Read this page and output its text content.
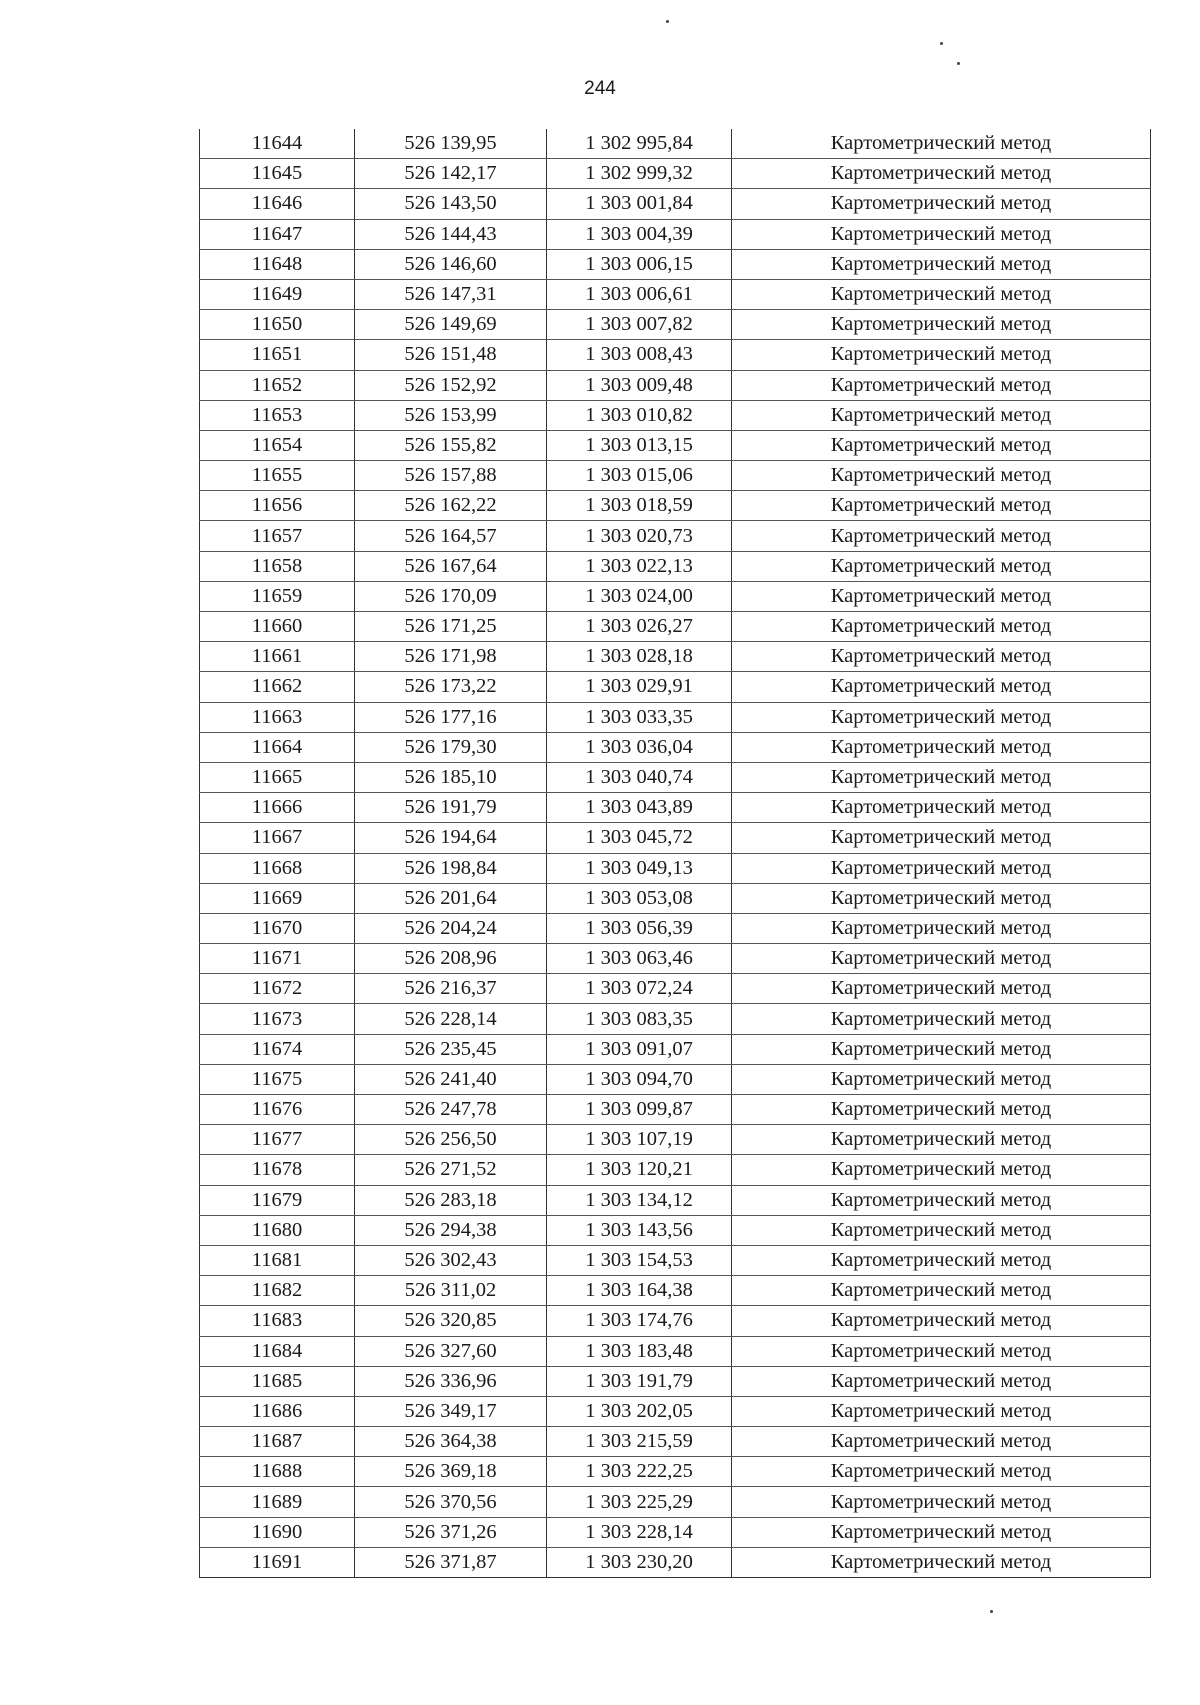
244
11644	526 139,95	1 302 995,84	Картометрический метод
11645	526 142,17	1 302 999,32	Картометрический метод
11646	526 143,50	1 303 001,84	Картометрический метод
11647	526 144,43	1 303 004,39	Картометрический метод
11648	526 146,60	1 303 006,15	Картометрический метод
11649	526 147,31	1 303 006,61	Картометрический метод
11650	526 149,69	1 303 007,82	Картометрический метод
11651	526 151,48	1 303 008,43	Картометрический метод
11652	526 152,92	1 303 009,48	Картометрический метод
11653	526 153,99	1 303 010,82	Картометрический метод
11654	526 155,82	1 303 013,15	Картометрический метод
11655	526 157,88	1 303 015,06	Картометрический метод
11656	526 162,22	1 303 018,59	Картометрический метод
11657	526 164,57	1 303 020,73	Картометрический метод
11658	526 167,64	1 303 022,13	Картометрический метод
11659	526 170,09	1 303 024,00	Картометрический метод
11660	526 171,25	1 303 026,27	Картометрический метод
11661	526 171,98	1 303 028,18	Картометрический метод
11662	526 173,22	1 303 029,91	Картометрический метод
11663	526 177,16	1 303 033,35	Картометрический метод
11664	526 179,30	1 303 036,04	Картометрический метод
11665	526 185,10	1 303 040,74	Картометрический метод
11666	526 191,79	1 303 043,89	Картометрический метод
11667	526 194,64	1 303 045,72	Картометрический метод
11668	526 198,84	1 303 049,13	Картометрический метод
11669	526 201,64	1 303 053,08	Картометрический метод
11670	526 204,24	1 303 056,39	Картометрический метод
11671	526 208,96	1 303 063,46	Картометрический метод
11672	526 216,37	1 303 072,24	Картометрический метод
11673	526 228,14	1 303 083,35	Картометрический метод
11674	526 235,45	1 303 091,07	Картометрический метод
11675	526 241,40	1 303 094,70	Картометрический метод
11676	526 247,78	1 303 099,87	Картометрический метод
11677	526 256,50	1 303 107,19	Картометрический метод
11678	526 271,52	1 303 120,21	Картометрический метод
11679	526 283,18	1 303 134,12	Картометрический метод
11680	526 294,38	1 303 143,56	Картометрический метод
11681	526 302,43	1 303 154,53	Картометрический метод
11682	526 311,02	1 303 164,38	Картометрический метод
11683	526 320,85	1 303 174,76	Картометрический метод
11684	526 327,60	1 303 183,48	Картометрический метод
11685	526 336,96	1 303 191,79	Картометрический метод
11686	526 349,17	1 303 202,05	Картометрический метод
11687	526 364,38	1 303 215,59	Картометрический метод
11688	526 369,18	1 303 222,25	Картометрический метод
11689	526 370,56	1 303 225,29	Картометрический метод
11690	526 371,26	1 303 228,14	Картометрический метод
11691	526 371,87	1 303 230,20	Картометрический метод
